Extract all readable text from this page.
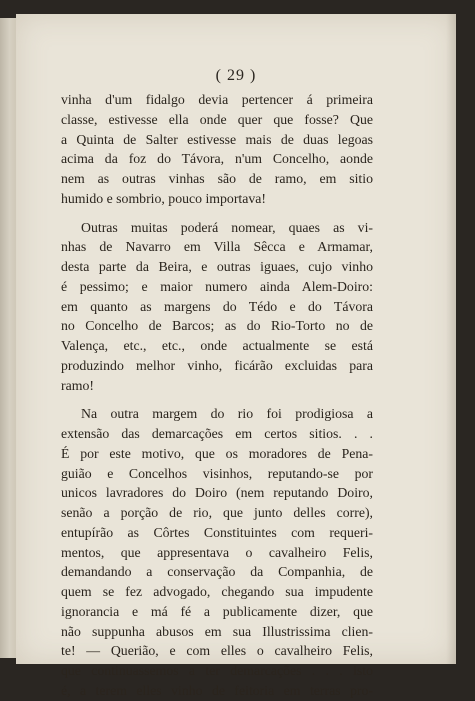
( 29 )
vinha d'um fidalgo devia pertencer á primeira
classe, estivesse ella onde quer que fosse? Que
a Quinta de Salter estivesse mais de duas legoas
acima da foz do Távora, n'um Concelho, aonde
nem as outras vinhas são de ramo, em sitio
humido e sombrio, pouco importava!
Outras muitas poderá nomear, quaes as vi-
nhas de Navarro em Villa Sêcca e Armamar,
desta parte da Beira, e outras iguaes, cujo vinho
é pessimo; e maior numero ainda Alem-Doiro:
em quanto as margens do Tédo e do Távora
no Concelho de Barcos; as do Rio-Torto no de
Valença, etc., etc., onde actualmente se está
produzindo melhor vinho, ficárão excluidas para
ramo!
Na outra margem do rio foi prodigiosa a
extensão das demarcações em certos sitios. . .
É por este motivo, que os moradores de Pena-
guião e Concelhos visinhos, reputando-se por
unicos lavradores do Doiro (nem reputando Doiro,
senão a porção de rio, que junto delles corre),
entupírão as Côrtes Constituintes com requeri-
mentos, que appresentava o cavalheiro Felis,
demandando a conservação da Companhia, de
quem se fez advogado, chegando sua impudente
ignorancia e má fé a publicamente dizer, que
não suppunha abusos em sua Illustrissima clien-
te! — Querião, e com elles o cavalheiro Felis,
que continuassemos a ter demarcações . . . isto
é, a terem elles vinho de feitoria em terras pro-
